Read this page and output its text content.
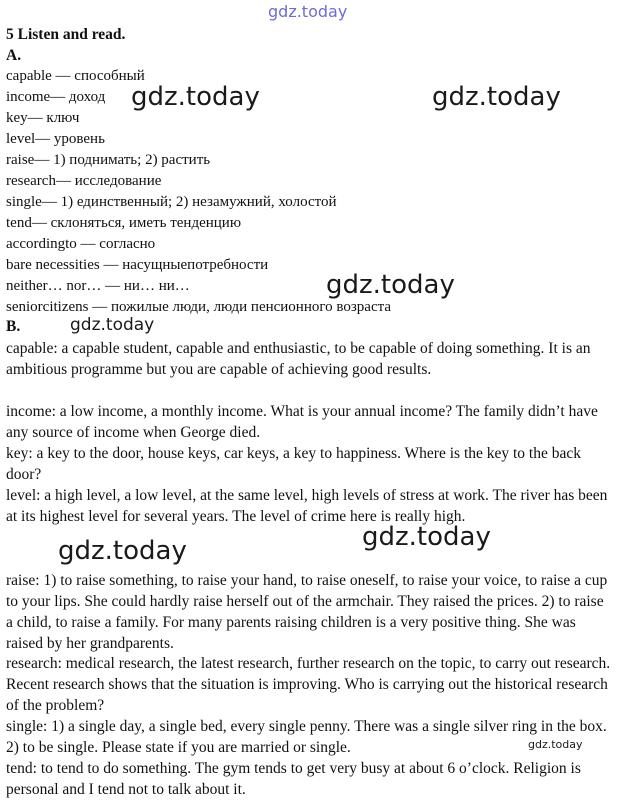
5 Listen and read.
A.
capable — способный
income— доход
key— ключ
level— уровень
raise— 1) поднимать; 2) растить
research— исследование
single— 1) единственный; 2) незамужний, холостой
tend— склоняться, иметь тенденцию
accordingto — согласно
bare necessities — насущныепотребности
neither… nor… — ни… ни…
seniorcitizens — пожилые люди, люди пенсионного возраста
B.

capable: a capable student, capable and enthusiastic, to be capable of doing something. It is an ambitious programme but you are capable of achieving good results.

income: a low income, a monthly income. What is your annual income? The family didn’t have any source of income when George died.

key: a key to the door, house keys, car keys, a key to happiness. Where is the key to the back door?

level: a high level, a low level, at the same level, high levels of stress at work. The river has been at its highest level for several years. The level of crime here is really high.

raise: 1) to raise something, to raise your hand, to raise oneself, to raise your voice, to raise a cup to your lips. She could hardly raise herself out of the armchair. They raised the prices. 2) to raise a child, to raise a family. For many parents raising children is a very positive thing. She was raised by her grandparents.

research: medical research, the latest research, further research on the topic, to carry out research. Recent research shows that the situation is improving. Who is carrying out the historical research of the problem?

single: 1) a single day, a single bed, every single penny. There was a single silver ring in the box. 2) to be single. Please state if you are married or single.

tend: to tend to do something. The gym tends to get very busy at about 6 o’clock. Religion is personal and I tend not to talk about it.

gdz.today
gdz.today	gdz.today
gdz.today
gdz.today
gdz.today	gdz.today
gdz.today
